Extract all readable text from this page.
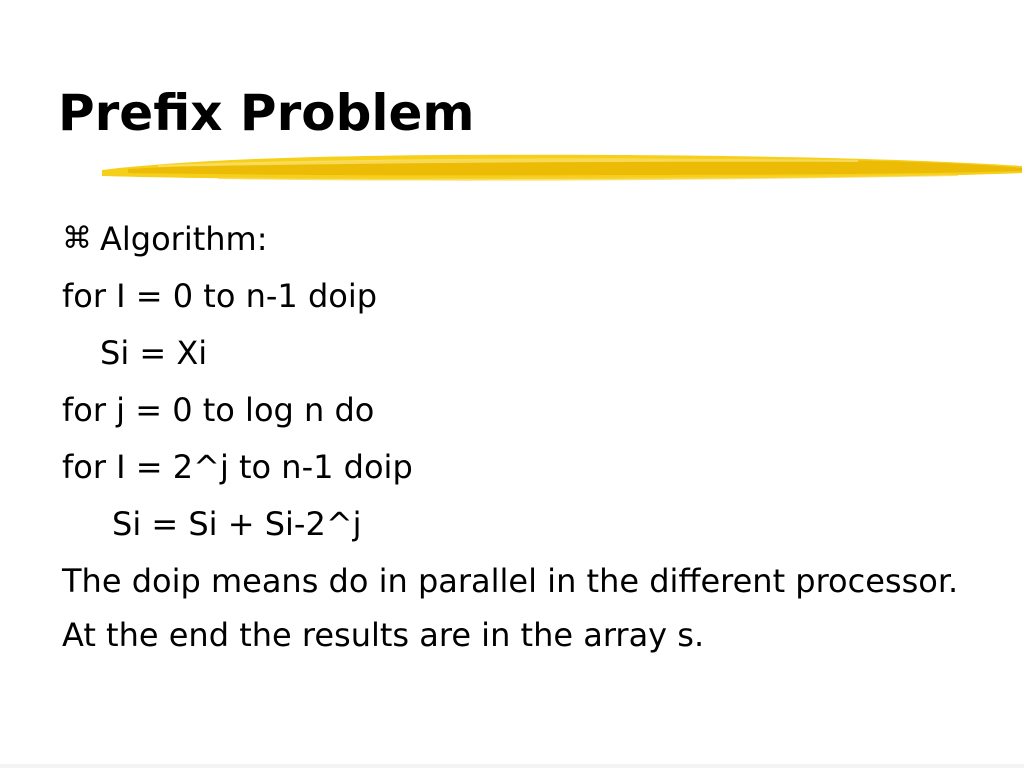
Prefix Problem
⌘ Algorithm:
for I = 0 to n-1 doip
Si = Xi
for j = 0 to log n do
for I = 2^j to n-1 doip
Si = Si + Si-2^j
The doip means do in parallel in the different processor.
At the end the results are in the array s.
